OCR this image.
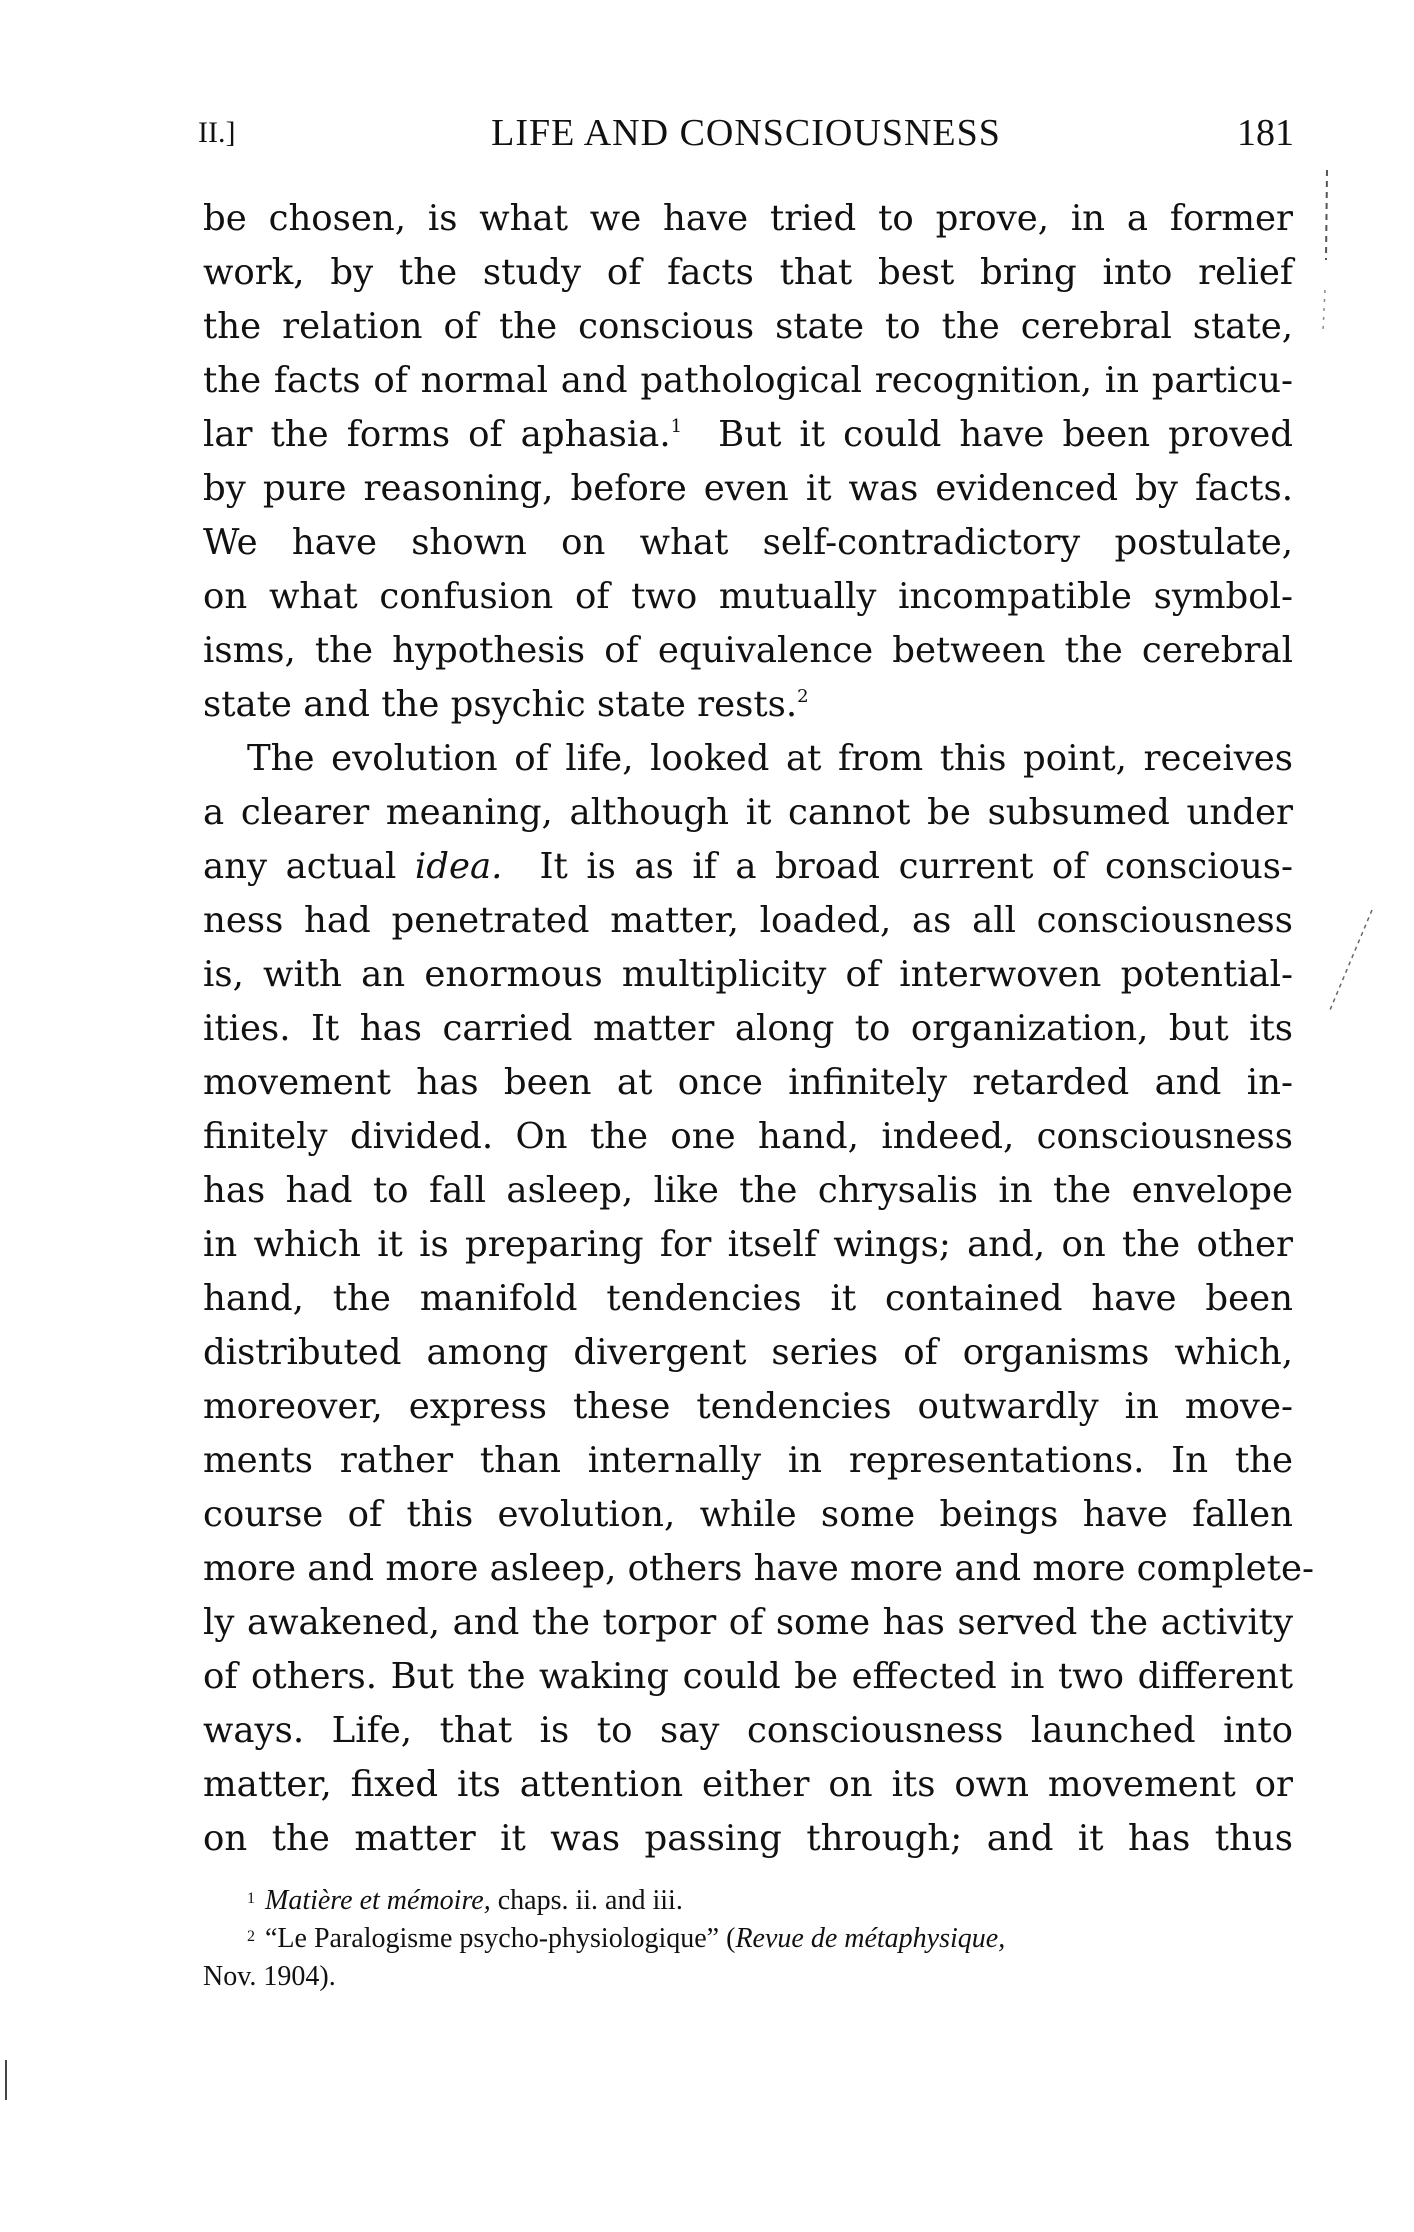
II.]	LIFE AND CONSCIOUSNESS	181
be chosen, is what we have tried to prove, in a former
work, by the study of facts that best bring into relief
the relation of the conscious state to the cerebral state,
the facts of normal and pathological recognition, in particu-
lar the forms of aphasia.$^1$ But it could have been proved
by pure reasoning, before even it was evidenced by facts.
We have shown on what self-contradictory postulate,
on what confusion of two mutually incompatible symbol-
isms, the hypothesis of equivalence between the cerebral
state and the psychic state rests.$^2$
The evolution of life, looked at from this point, receives
a clearer meaning, although it cannot be subsumed under
any actual idea. It is as if a broad current of conscious-
ness had penetrated matter, loaded, as all consciousness
is, with an enormous multiplicity of interwoven potential-
ities. It has carried matter along to organization, but its
movement has been at once infinitely retarded and in-
finitely divided. On the one hand, indeed, consciousness
has had to fall asleep, like the chrysalis in the envelope
in which it is preparing for itself wings; and, on the other
hand, the manifold tendencies it contained have been
distributed among divergent series of organisms which,
moreover, express these tendencies outwardly in move-
ments rather than internally in representations. In the
course of this evolution, while some beings have fallen
more and more asleep, others have more and more complete-
ly awakened, and the torpor of some has served the activity
of others. But the waking could be effected in two different
ways. Life, that is to say consciousness launched into
matter, fixed its attention either on its own movement or
on the matter it was passing through; and it has thus
$^1$ Matière et mémoire, chaps. ii. and iii.
$^2$ “Le Paralogisme psycho-physiologique” (Revue de métaphysique,
Nov. 1904).
